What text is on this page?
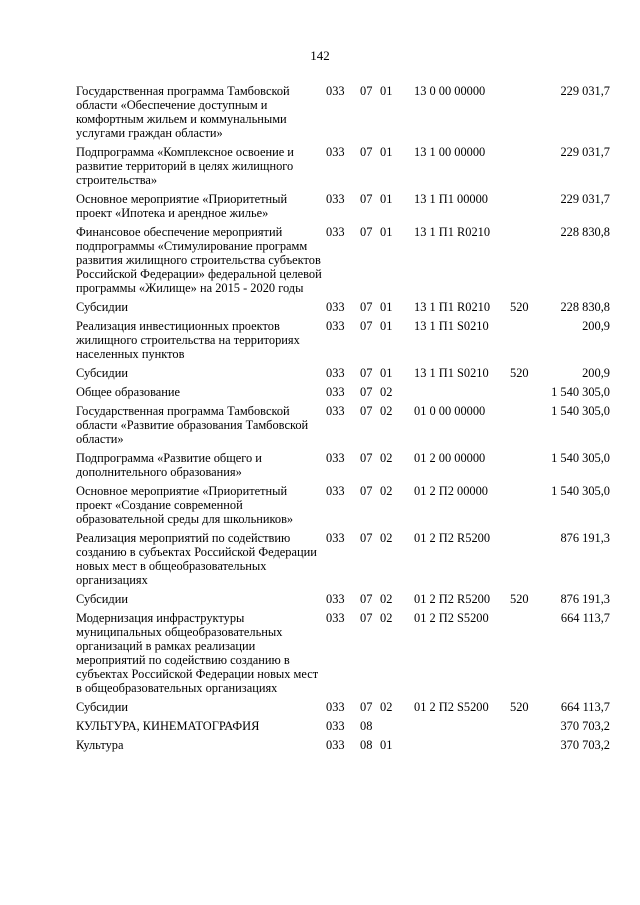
142
Государственная программа Тамбовской области «Обеспечение доступным и комфортным жильем и коммунальными услугами граждан области»	033	07	01	13 0 00 00000		229 031,7
Подпрограмма «Комплексное освоение и развитие территорий в целях жилищного строительства»	033	07	01	13 1 00 00000		229 031,7
Основное мероприятие «Приоритетный проект «Ипотека и арендное жилье»	033	07	01	13 1 П1 00000		229 031,7
Финансовое обеспечение мероприятий подпрограммы «Стимулирование программ развития жилищного строительства субъектов Российской Федерации» федеральной целевой программы «Жилище» на 2015 - 2020 годы	033	07	01	13 1 П1 R0210		228 830,8
Субсидии	033	07	01	13 1 П1 R0210	520	228 830,8
Реализация инвестиционных проектов жилищного строительства на территориях населенных пунктов	033	07	01	13 1 П1 S0210		200,9
Субсидии	033	07	01	13 1 П1 S0210	520	200,9
Общее образование	033	07	02			1 540 305,0
Государственная программа Тамбовской области «Развитие образования Тамбовской области»	033	07	02	01 0 00 00000		1 540 305,0
Подпрограмма «Развитие общего и дополнительного образования»	033	07	02	01 2 00 00000		1 540 305,0
Основное мероприятие «Приоритетный проект «Создание современной образовательной среды для школьников»	033	07	02	01 2 П2 00000		1 540 305,0
Реализация мероприятий по содействию созданию в субъектах Российской Федерации новых мест в общеобразовательных организациях	033	07	02	01 2 П2 R5200		876 191,3
Субсидии	033	07	02	01 2 П2 R5200	520	876 191,3
Модернизация инфраструктуры муниципальных общеобразовательных организаций в рамках реализации мероприятий по содействию созданию в субъектах Российской Федерации новых мест в общеобразовательных организациях	033	07	02	01 2 П2 S5200		664 113,7
Субсидии	033	07	02	01 2 П2 S5200	520	664 113,7
КУЛЬТУРА, КИНЕМАТОГРАФИЯ	033	08				370 703,2
Культура	033	08	01			370 703,2
